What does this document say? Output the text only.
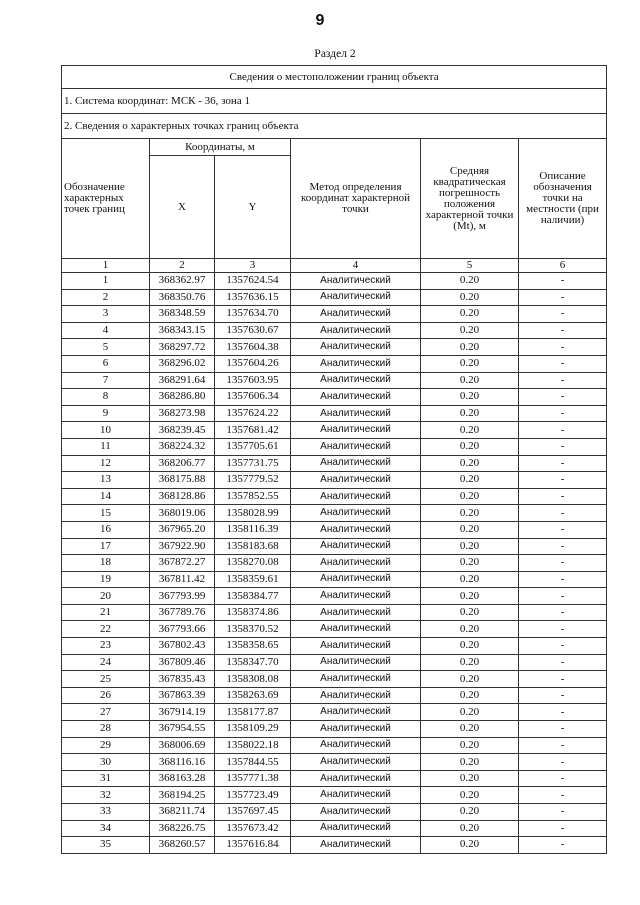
9
Раздел 2
Сведения о местоположении границ объекта					
1. Система координат: МСК - 36, зона 1					
2. Сведения о характерных точках границ объекта					
Обозначение характерных точек границ	Координаты, м		Метод определения координат характерной точки	Средняя квадратическая погрешность положения характерной точки (Mt), м	Описание обозначения точки на местности (при наличии)
	X	Y			
1	2	3	4	5	6
1	368362.97	1357624.54	Аналитический	0.20	-
2	368350.76	1357636.15	Аналитический	0.20	-
3	368348.59	1357634.70	Аналитический	0.20	-
4	368343.15	1357630.67	Аналитический	0.20	-
5	368297.72	1357604.38	Аналитический	0.20	-
6	368296.02	1357604.26	Аналитический	0.20	-
7	368291.64	1357603.95	Аналитический	0.20	-
8	368286.80	1357606.34	Аналитический	0.20	-
9	368273.98	1357624.22	Аналитический	0.20	-
10	368239.45	1357681.42	Аналитический	0.20	-
11	368224.32	1357705.61	Аналитический	0.20	-
12	368206.77	1357731.75	Аналитический	0.20	-
13	368175.88	1357779.52	Аналитический	0.20	-
14	368128.86	1357852.55	Аналитический	0.20	-
15	368019.06	1358028.99	Аналитический	0.20	-
16	367965.20	1358116.39	Аналитический	0.20	-
17	367922.90	1358183.68	Аналитический	0.20	-
18	367872.27	1358270.08	Аналитический	0.20	-
19	367811.42	1358359.61	Аналитический	0.20	-
20	367793.99	1358384.77	Аналитический	0.20	-
21	367789.76	1358374.86	Аналитический	0.20	-
22	367793.66	1358370.52	Аналитический	0.20	-
23	367802.43	1358358.65	Аналитический	0.20	-
24	367809.46	1358347.70	Аналитический	0.20	-
25	367835.43	1358308.08	Аналитический	0.20	-
26	367863.39	1358263.69	Аналитический	0.20	-
27	367914.19	1358177.87	Аналитический	0.20	-
28	367954.55	1358109.29	Аналитический	0.20	-
29	368006.69	1358022.18	Аналитический	0.20	-
30	368116.16	1357844.55	Аналитический	0.20	-
31	368163.28	1357771.38	Аналитический	0.20	-
32	368194.25	1357723.49	Аналитический	0.20	-
33	368211.74	1357697.45	Аналитический	0.20	-
34	368226.75	1357673.42	Аналитический	0.20	-
35	368260.57	1357616.84	Аналитический	0.20	-
